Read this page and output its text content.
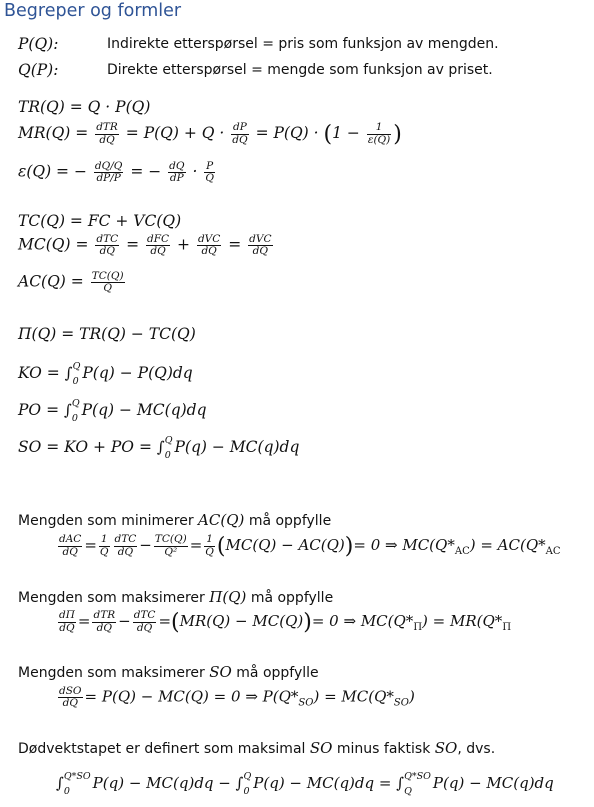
Begreper og formler
P(Q):	Indirekte etterspørsel = pris som funksjon av mengden.
Q(P):	Direkte etterspørsel = mengde som funksjon av priset.
TR(Q) = Q · P(Q)
$MR(Q) = \frac{\text{dTR}}{dQ} = P(Q) + Q \cdot \frac{dP}{dQ} = P(Q) \cdot (1 - \frac{1}{\varepsilon(Q)}$ )
ε(Q) = − $\frac{dQ/Q}{dP/P}$ = − $\frac{dQ}{dP} \cdot \frac{P}{Q}$
TC(Q) = FC + VC(Q)
$MC(Q) = \frac{\text{dTC}}{dQ} = \frac{\text{dFC}}{dQ} + \frac{\text{dVC}}{dQ} = \frac{\text{dVC}}{dQ}$
$AC(Q) = \frac{TC(Q)}{Q}$
Π(Q) = TR(Q) − TC(Q)
KO = ∫ Q
0 P(q) − P(Q)dq
PO = ∫ Q
0 P(q) − MC(q)dq
SO = KO + PO = ∫ Q
0 P(q) − MC(q)dq
Mengden som minimerer AC(Q) må oppfylle
$\frac{\text{dAC}}{dQ} = \frac{1}{Q} \frac{\text{dTC}}{dQ} - \frac{TC(Q)}{\text{Q²}} = \frac{1}{Q} (MC(Q) - AC(Q))= 0$ ⇒ $MC(Q*_{AC}) = AC(Q*_{AC}$
Mengden som maksimerer Π(Q) må oppfylle
$\frac{d\Pi}{dQ} = \frac{\text{dTR}}{dQ} - \frac{\text{dTC}}{dQ} =(MR(Q) - MC(Q))= 0$ ⇒ $MC(Q*_\Pi) = MR(Q*_\Pi$
Mengden som maksimerer SO må oppfylle
$\frac{\text{dSO}}{dQ} = P(Q) - MC(Q) = 0$ ⇒ $P(Q*_{SO}) = MC(Q*_{SO})$
Dødvektstapet er definert som maksimal SO minus faktisk SO, dvs.
∫ Q*SO
0	P(q) − MC(q)dq − ∫ Q
0 P(q) − MC(q)dq = ∫ Q*SO
Q	P(q) − MC(q)dq
